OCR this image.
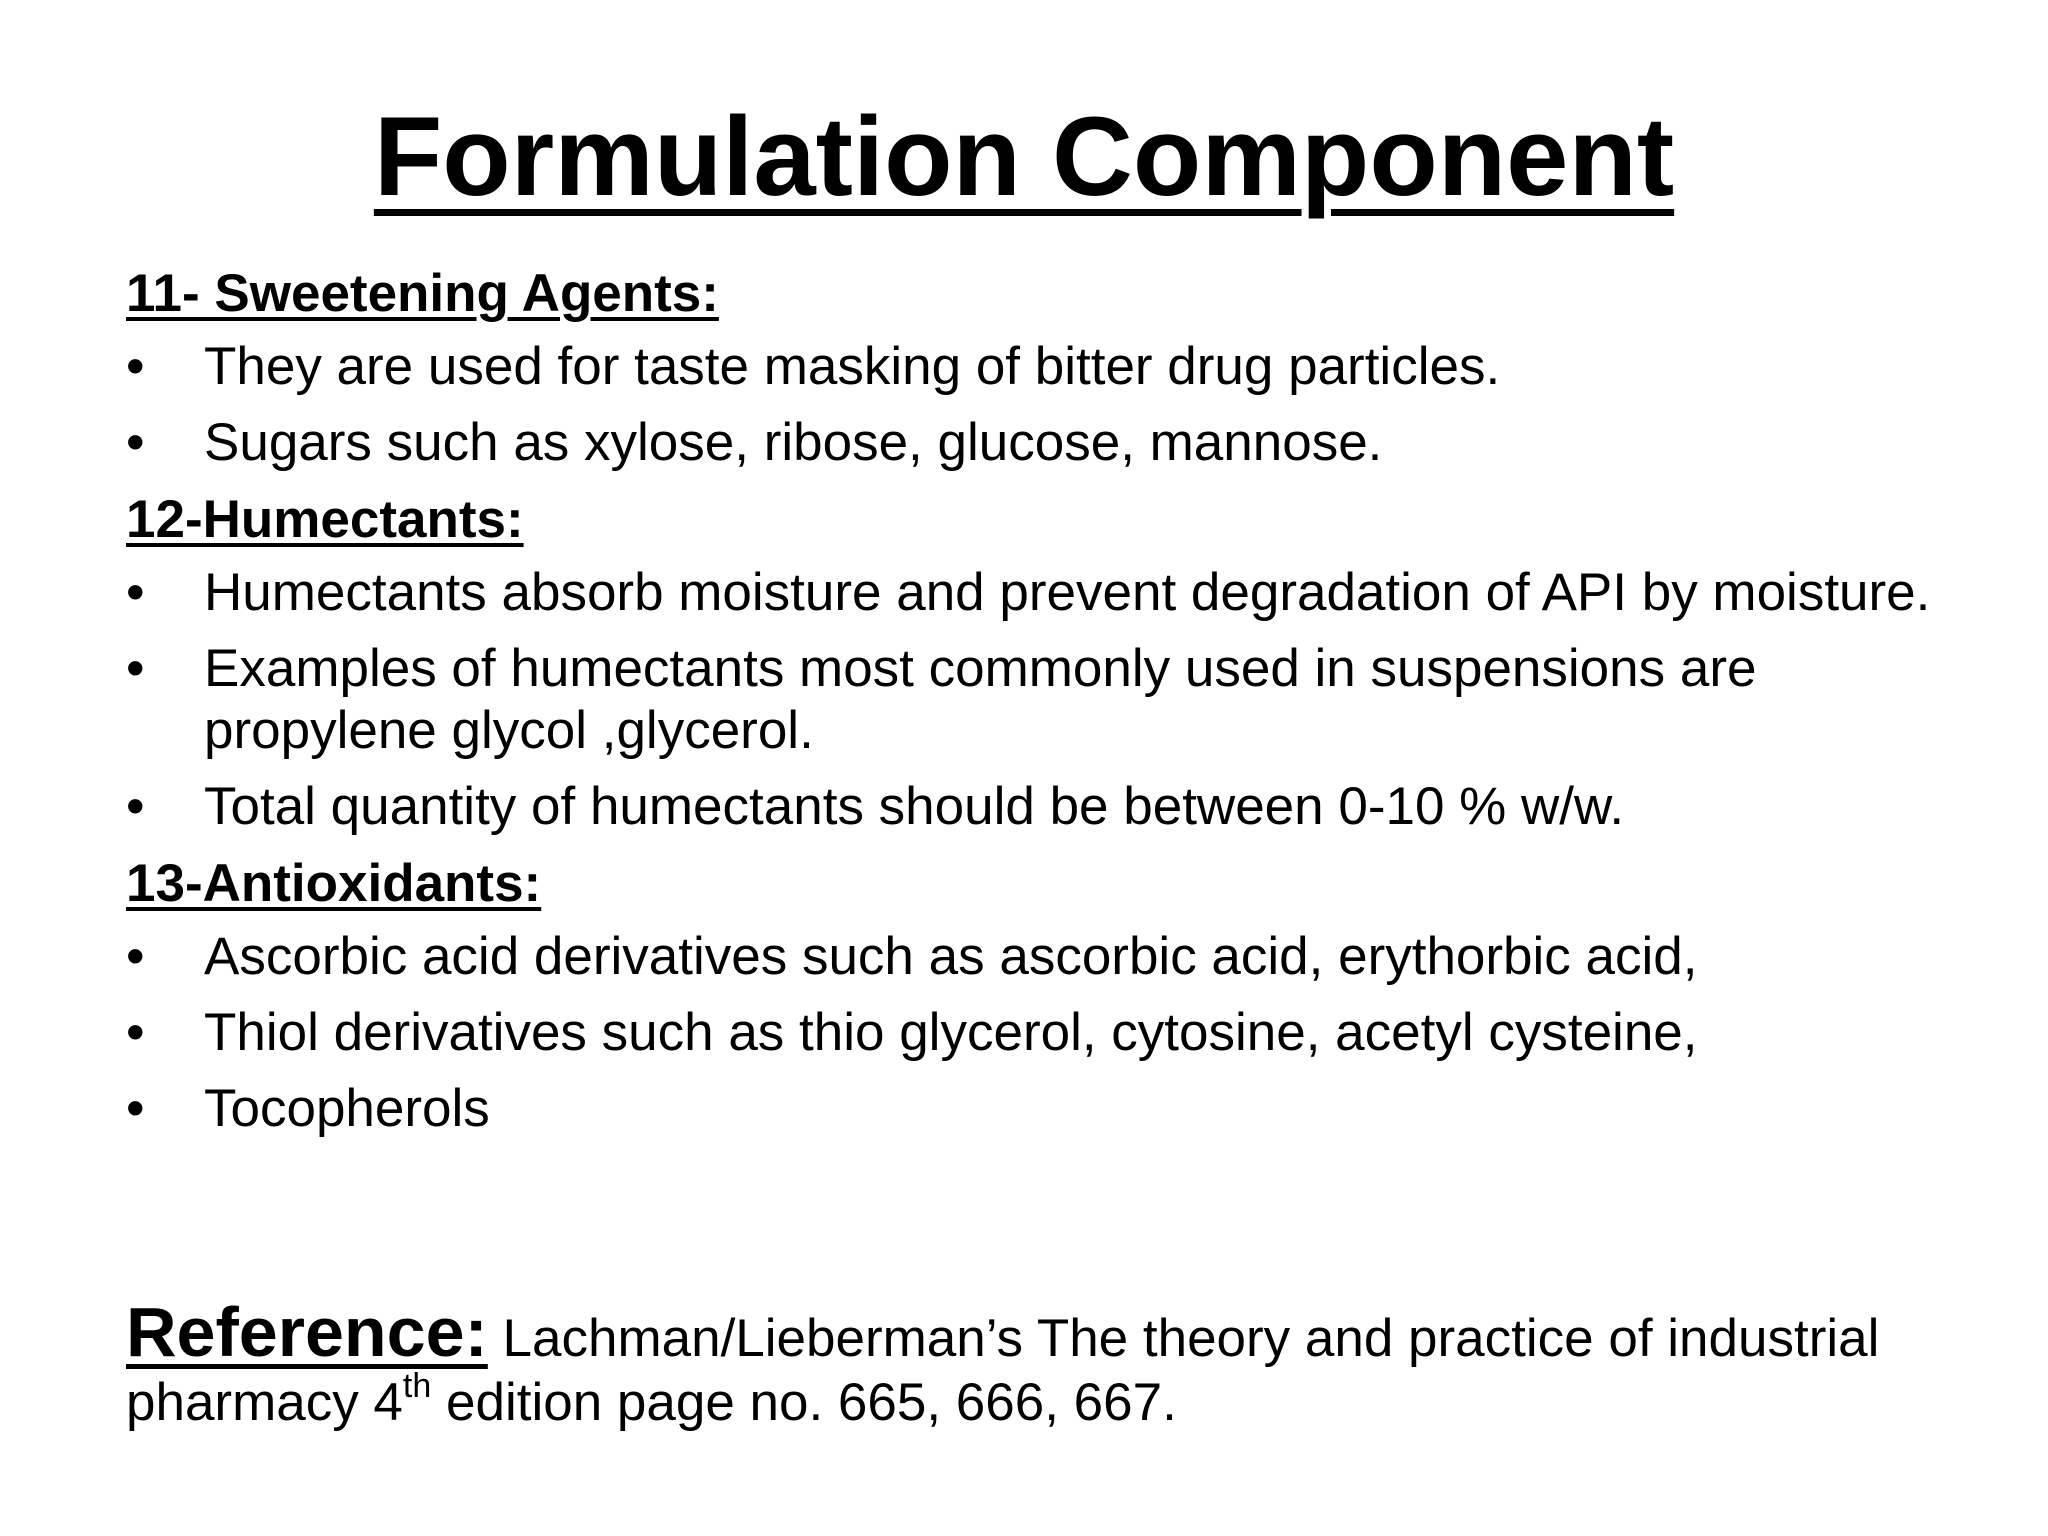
Formulation Component
11- Sweetening Agents:
•	They are used for taste masking of bitter drug particles.
•	Sugars such as xylose, ribose, glucose, mannose.
12-Humectants:
•	Humectants absorb moisture and prevent degradation of API by moisture.
•	Examples of humectants most commonly used in suspensions are propylene glycol ,glycerol.
•	Total quantity of humectants should be between 0-10 % w/w.
13-Antioxidants:
•	Ascorbic acid derivatives such as ascorbic acid, erythorbic acid,
•	Thiol derivatives such as thio glycerol, cytosine, acetyl cysteine,
•	Tocopherols
Reference: Lachman/Lieberman’s The theory and practice of industrial pharmacy 4th edition page no. 665, 666, 667.
